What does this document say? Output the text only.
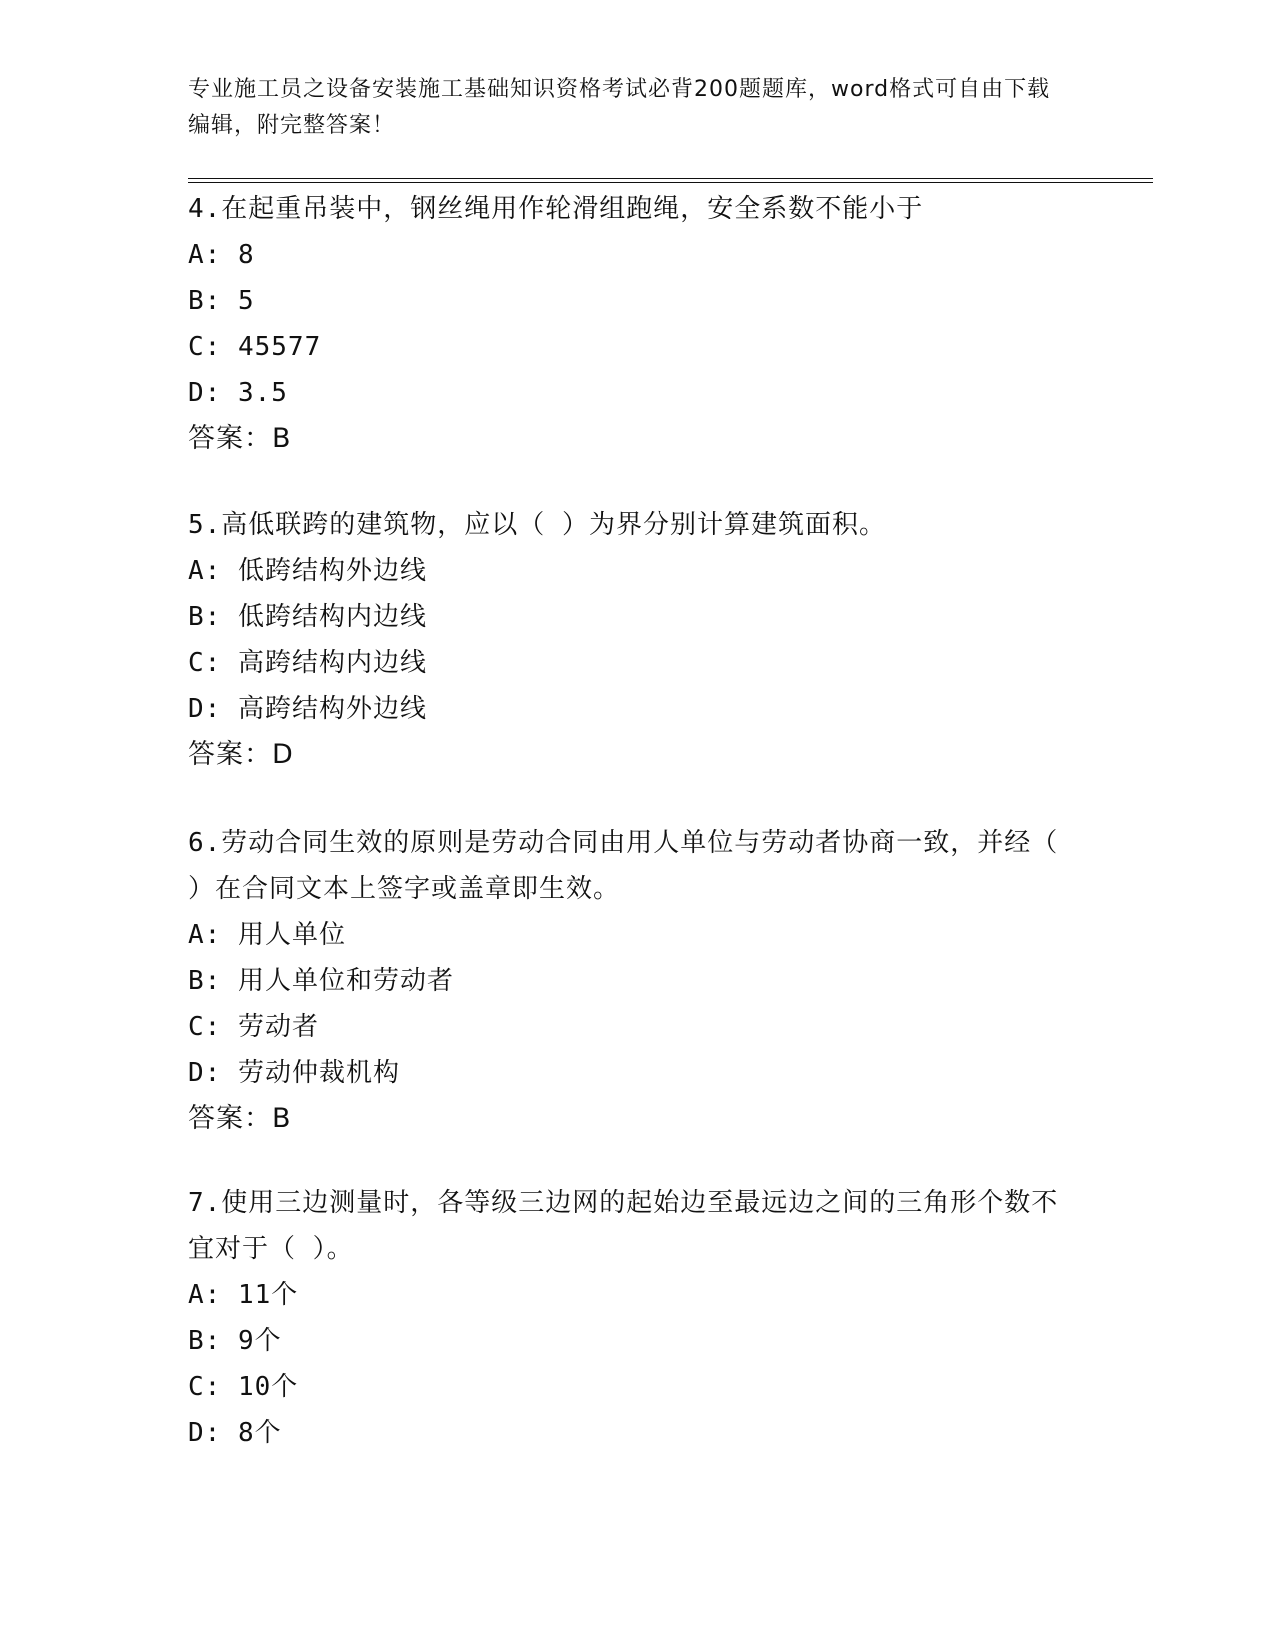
专业施工员之设备安装施工基础知识资格考试必背200题题库，word格式可自由下载编辑，附完整答案！

4.在起重吊装中，钢丝绳用作轮滑组跑绳，安全系数不能小于

A: 8

B: 5

C: 45577

D: 3.5

答案：B

5.高低联跨的建筑物，应以（ ）为界分别计算建筑面积。

A: 低跨结构外边线

B: 低跨结构内边线

C: 高跨结构内边线

D: 高跨结构外边线

答案：D

6.劳动合同生效的原则是劳动合同由用人单位与劳动者协商一致，并经（ ）在合同文本上签字或盖章即生效。

A: 用人单位

B: 用人单位和劳动者

C: 劳动者

D: 劳动仲裁机构

答案：B

7.使用三边测量时，各等级三边网的起始边至最远边之间的三角形个数不宜对于（ ）。

A: 11个

B: 9个

C: 10个

D: 8个
